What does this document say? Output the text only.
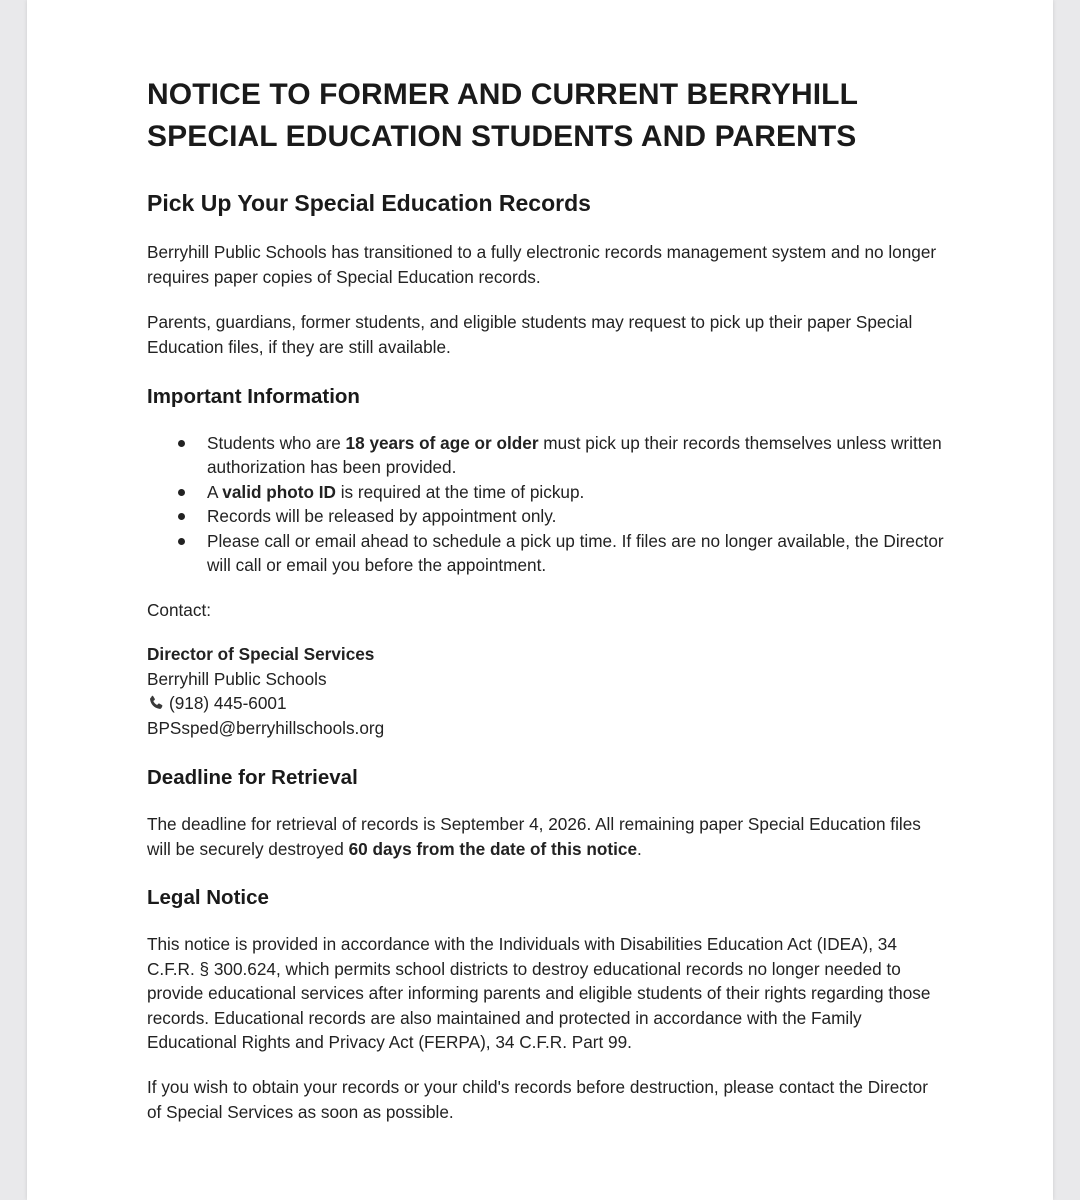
NOTICE TO FORMER AND CURRENT BERRYHILL
SPECIAL EDUCATION STUDENTS AND PARENTS
Pick Up Your Special Education Records

Berryhill Public Schools has transitioned to a fully electronic records management system and no longer requires paper copies of Special Education records.

Parents, guardians, former students, and eligible students may request to pick up their paper Special Education files, if they are still available.

Important Information
Students who are 18 years of age or older must pick up their records themselves unless written authorization has been provided.
A valid photo ID is required at the time of pickup.
Records will be released by appointment only.
Please call or email ahead to schedule a pick up time. If files are no longer available, the Director will call or email you before the appointment.

Contact:

Director of Special Services
Berryhill Public Schools
(918) 445-6001
BPSsped@berryhillschools.org
Deadline for Retrieval

The deadline for retrieval of records is September 4, 2026. All remaining paper Special Education files will be securely destroyed 60 days from the date of this notice.

Legal Notice

This notice is provided in accordance with the Individuals with Disabilities Education Act (IDEA), 34 C.F.R. § 300.624, which permits school districts to destroy educational records no longer needed to provide educational services after informing parents and eligible students of their rights regarding those records. Educational records are also maintained and protected in accordance with the Family Educational Rights and Privacy Act (FERPA), 34 C.F.R. Part 99.

If you wish to obtain your records or your child's records before destruction, please contact the Director of Special Services as soon as possible.
